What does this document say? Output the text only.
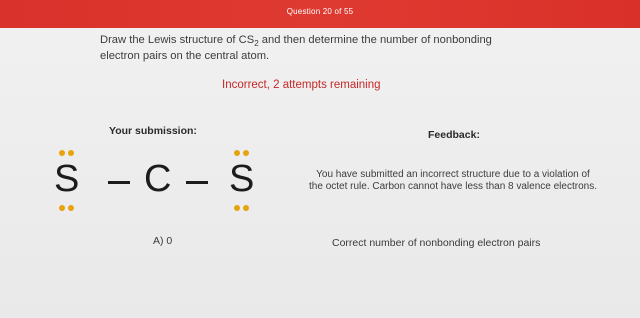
Question 20 of 55
Draw the Lewis structure of $CS_2$ and then determine the number of nonbonding electron pairs on the central atom.
Incorrect, 2 attempts remaining
Your submission:	Feedback:
S C S
A) 0
You have submitted an incorrect structure due to a violation of the octet rule. Carbon cannot have less than 8 valence electrons.
Correct number of nonbonding electron pairs
